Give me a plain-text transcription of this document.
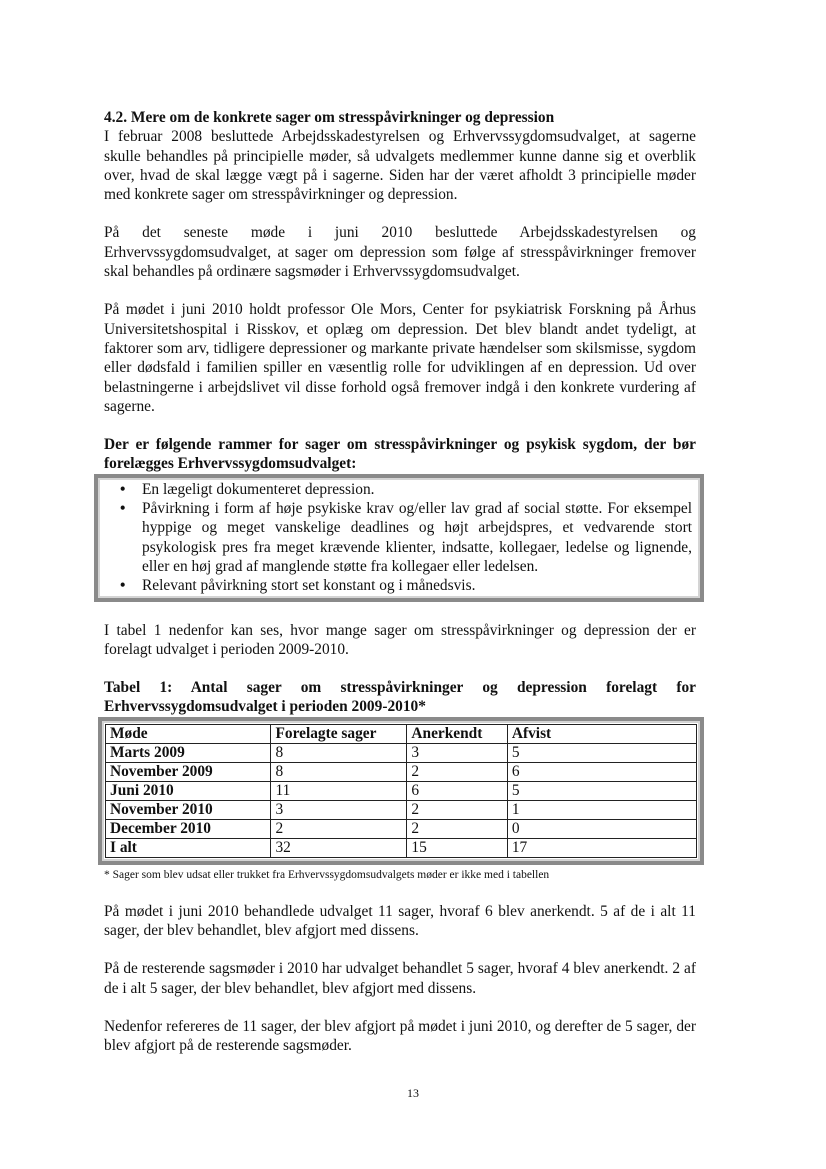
4.2. Mere om de konkrete sager om stresspåvirkninger og depression

I februar 2008 besluttede Arbejdsskadestyrelsen og Erhvervssygdomsudvalget, at sagerne skulle behandles på principielle møder, så udvalgets medlemmer kunne danne sig et overblik over, hvad de skal lægge vægt på i sagerne. Siden har der været afholdt 3 principielle møder med konkrete sager om stresspåvirkninger og depression.

På det seneste møde i juni 2010 besluttede Arbejdsskadestyrelsen og Erhvervssygdomsudvalget, at sager om depression som følge af stresspåvirkninger fremover skal behandles på ordinære sagsmøder i Erhvervssygdomsudvalget.

På mødet i juni 2010 holdt professor Ole Mors, Center for psykiatrisk Forskning på Århus Universitetshospital i Risskov, et oplæg om depression. Det blev blandt andet tydeligt, at faktorer som arv, tidligere depressioner og markante private hændelser som skilsmisse, sygdom eller dødsfald i familien spiller en væsentlig rolle for udviklingen af en depression. Ud over belastningerne i arbejdslivet vil disse forhold også fremover indgå i den konkrete vurdering af sagerne.

Der er følgende rammer for sager om stresspåvirkninger og psykisk sygdom, der bør forelægges Erhvervssygdomsudvalget:

• En lægeligt dokumenteret depression.
• Påvirkning i form af høje psykiske krav og/eller lav grad af social støtte. For eksempel hyppige og meget vanskelige deadlines og højt arbejdspres, et vedvarende stort psykologisk pres fra meget krævende klienter, indsatte, kollegaer, ledelse og lignende, eller en høj grad af manglende støtte fra kollegaer eller ledelsen.
• Relevant påvirkning stort set konstant og i månedsvis.

I tabel 1 nedenfor kan ses, hvor mange sager om stresspåvirkninger og depression der er forelagt udvalget i perioden 2009-2010.

Tabel 1: Antal sager om stresspåvirkninger og depression forelagt for Erhvervssygdomsudvalget i perioden 2009-2010*

Møde	Forelagte sager	Anerkendt	Afvist
Marts 2009	8	3	5
November 2009	8	2	6
Juni 2010	11	6	5
November 2010	3	2	1
December 2010	2	2	0
I alt	32	15	17
* Sager som blev udsat eller trukket fra Erhvervssygdomsudvalgets møder er ikke med i tabellen

På mødet i juni 2010 behandlede udvalget 11 sager, hvoraf 6 blev anerkendt. 5 af de i alt 11 sager, der blev behandlet, blev afgjort med dissens.

På de resterende sagsmøder i 2010 har udvalget behandlet 5 sager, hvoraf 4 blev anerkendt. 2 af de i alt 5 sager, der blev behandlet, blev afgjort med dissens.

Nedenfor refereres de 11 sager, der blev afgjort på mødet i juni 2010, og derefter de 5 sager, der blev afgjort på de resterende sagsmøder.

13
